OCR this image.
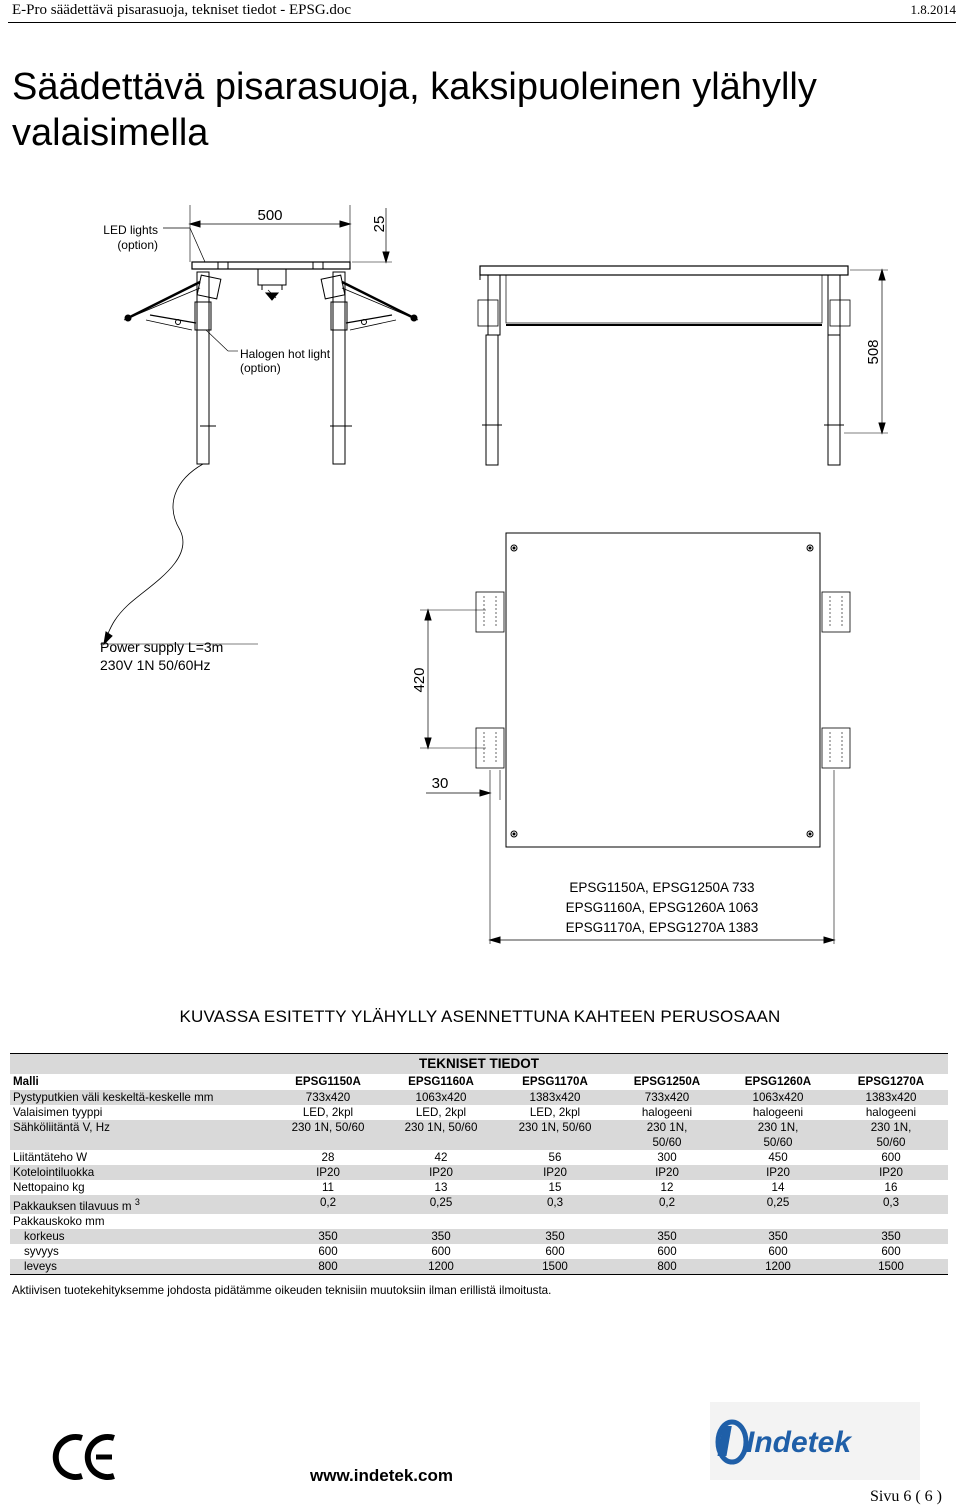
E-Pro säädettävä pisarasuoja, tekniset tiedot - EPSG.doc	1.8.2014
Säädettävä pisarasuoja, kaksipuoleinen ylähylly valaisimella
LED lights
(option)
500	25
508
Halogen hot light
(option)
Power supply L=3m
230V 1N 50/60Hz
420
30
EPSG1150A, EPSG1250A 733
EPSG1160A, EPSG1260A 1063
EPSG1170A, EPSG1270A 1383
KUVASSA ESITETTY YLÄHYLLY ASENNETTUNA KAHTEEN PERUSOSAAN
TEKNISET TIEDOT						
Malli	EPSG1150A	EPSG1160A	EPSG1170A	EPSG1250A	EPSG1260A	EPSG1270A
Pystyputkien väli keskeltä-keskelle mm	733x420	1063x420	1383x420	733x420	1063x420	1383x420
Valaisimen tyyppi	LED, 2kpl	LED, 2kpl	LED, 2kpl	halogeeni	halogeeni	halogeeni
Sähköliitäntä V, Hz	230 1N, 50/60	230 1N, 50/60	230 1N, 50/60	230 1N,	230 1N,	230 1N,
				50/60	50/60	50/60
Liitäntäteho W	28	42	56	300	450	600
Kotelointiluokka	IP20	IP20	IP20	IP20	IP20	IP20
Nettopaino kg	11	13	15	12	14	16
Pakkauksen tilavuus m $^3$	0,2	0,25	0,3	0,2	0,25	0,3
Pakkauskoko mm						
korkeus	350	350	350	350	350	350
syvyys	600	600	600	600	600	600
leveys	800	1200	1500	800	1200	1500
Aktiivisen tuotekehityksemme johdosta pidätämme oikeuden teknisiin muutoksiin ilman erillistä ilmoitusta.
Indetek
www.indetek.com
Sivu 6 ( 6 )
